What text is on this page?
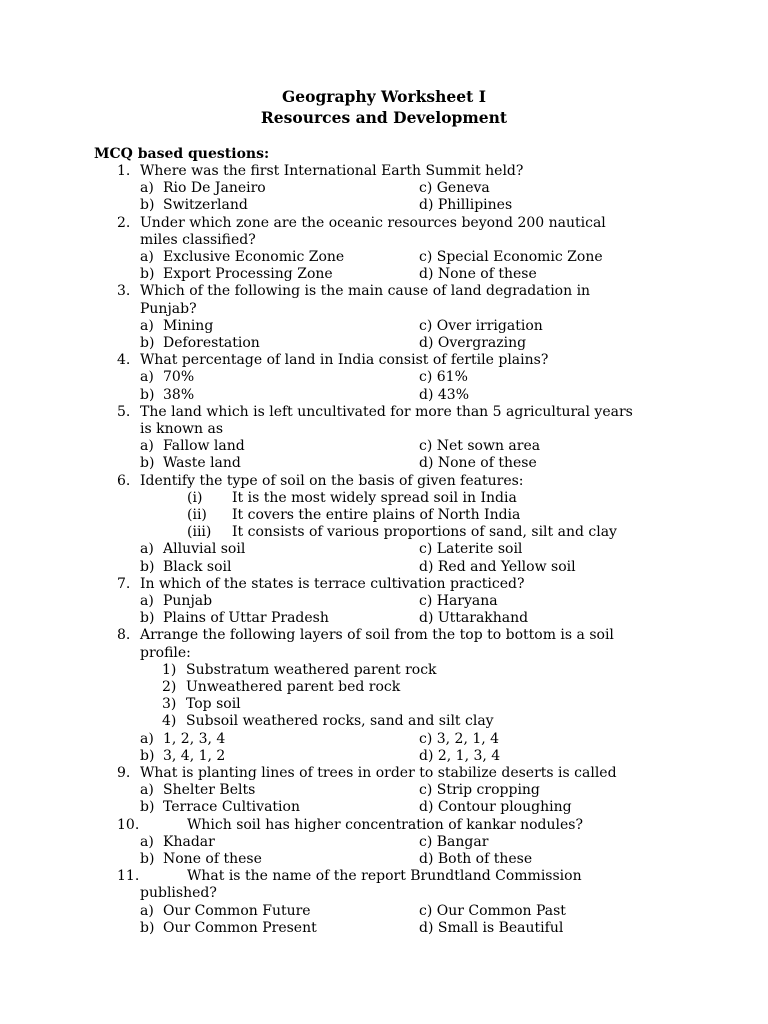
Geography Worksheet I
Resources and Development
MCQ based questions:
1. Where was the first International Earth Summit held?
a) Rio De Janeiro	c) Geneva
b) Switzerland	d) Phillipines
2. Under which zone are the oceanic resources beyond 200 nautical
miles classified?
a) Exclusive Economic Zone	c) Special Economic Zone
b) Export Processing Zone	d) None of these
3. Which of the following is the main cause of land degradation in
Punjab?
a) Mining	c) Over irrigation
b) Deforestation	d) Overgrazing
4. What percentage of land in India consist of fertile plains?
a) 70%	c) 61%
b) 38%	d) 43%
5. The land which is left uncultivated for more than 5 agricultural years
is known as
a) Fallow land	c) Net sown area
b) Waste land	d) None of these
6. Identify the type of soil on the basis of given features:
(i) It is the most widely spread soil in India
(ii) It covers the entire plains of North India
(iii) It consists of various proportions of sand, silt and clay
a) Alluvial soil	c) Laterite soil
b) Black soil	d) Red and Yellow soil
7. In which of the states is terrace cultivation practiced?
a) Punjab	c) Haryana
b) Plains of Uttar Pradesh	d) Uttarakhand
8. Arrange the following layers of soil from the top to bottom is a soil
profile:
1) Substratum weathered parent rock
2) Unweathered parent bed rock
3) Top soil
4) Subsoil weathered rocks, sand and silt clay
a) 1, 2, 3, 4	c) 3, 2, 1, 4
b) 3, 4, 1, 2	d) 2, 1, 3, 4
9. What is planting lines of trees in order to stabilize deserts is called
a) Shelter Belts	c) Strip cropping
b) Terrace Cultivation	d) Contour ploughing
10.	Which soil has higher concentration of kankar nodules?
a) Khadar	c) Bangar
b) None of these	d) Both of these
11.	What is the name of the report Brundtland Commission
published?
a) Our Common Future	c) Our Common Past
b) Our Common Present	d) Small is Beautiful
